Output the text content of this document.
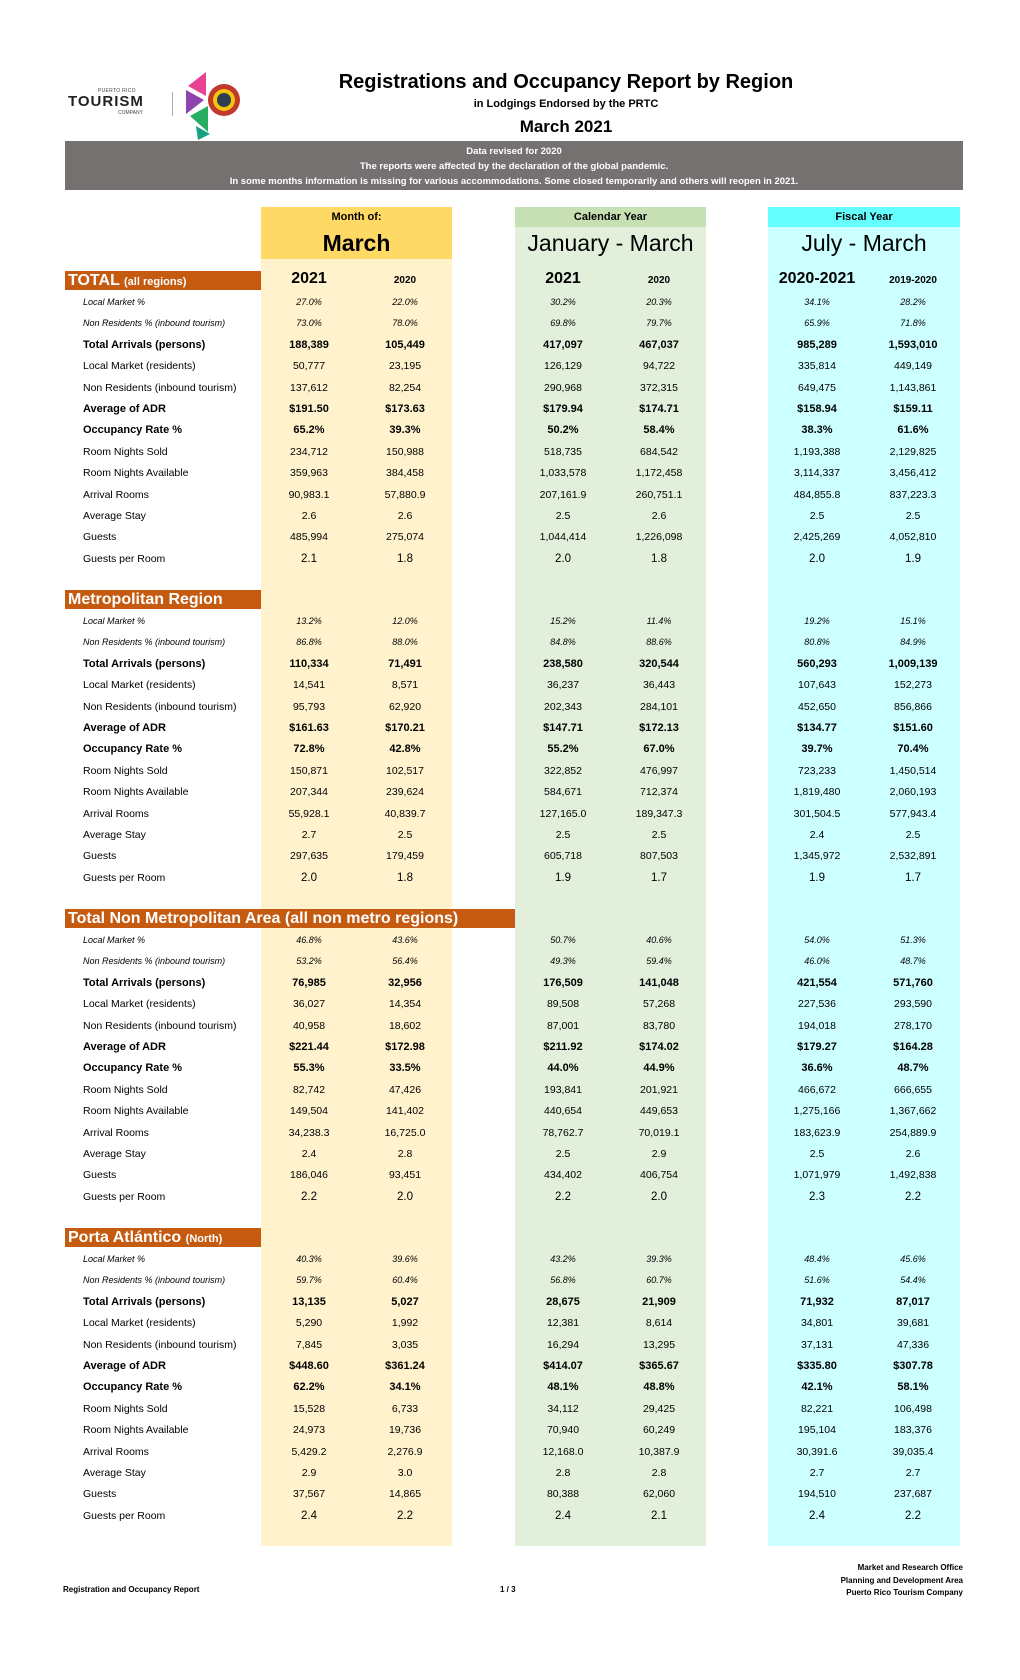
PUERTO RICO
TOURISM
COMPANY
Registrations and Occupancy Report by Region
in Lodgings Endorsed by the PRTC
March 2021
Data revised for 2020
The reports were affected by the declaration of the global pandemic.
In some months information is missing for various accommodations. Some closed temporarily and others will reopen in 2021.
Month of:
March
Calendar Year
January - March
Fiscal Year
July - March
2021	2020	2021	2020	2020-2021	2019-2020
TOTAL (all regions)
Metropolitan Region
Total Non Metropolitan Area (all non metro regions)
Porta Atlántico (North)
Local Market %	27.0%	22.0%	30.2%	20.3%	34.1%	28.2%
Non Residents % (inbound tourism)	73.0%	78.0%	69.8%	79.7%	65.9%	71.8%
Total Arrivals (persons)	188,389	105,449	417,097	467,037	985,289	1,593,010
Local Market (residents)	50,777	23,195	126,129	94,722	335,814	449,149
Non Residents (inbound tourism)	137,612	82,254	290,968	372,315	649,475	1,143,861
Average of ADR	$191.50	$173.63	$179.94	$174.71	$158.94	$159.11
Occupancy Rate %	65.2%	39.3%	50.2%	58.4%	38.3%	61.6%
Room Nights Sold	234,712	150,988	518,735	684,542	1,193,388	2,129,825
Room Nights Available	359,963	384,458	1,033,578	1,172,458	3,114,337	3,456,412
Arrival Rooms	90,983.1	57,880.9	207,161.9	260,751.1	484,855.8	837,223.3
Average Stay	2.6	2.6	2.5	2.6	2.5	2.5
Guests	485,994	275,074	1,044,414	1,226,098	2,425,269	4,052,810
Guests per Room	2.1	1.8	2.0	1.8	2.0	1.9
Local Market %	13.2%	12.0%	15.2%	11.4%	19.2%	15.1%
Non Residents % (inbound tourism)	86.8%	88.0%	84.8%	88.6%	80.8%	84.9%
Total Arrivals (persons)	110,334	71,491	238,580	320,544	560,293	1,009,139
Local Market (residents)	14,541	8,571	36,237	36,443	107,643	152,273
Non Residents (inbound tourism)	95,793	62,920	202,343	284,101	452,650	856,866
Average of ADR	$161.63	$170.21	$147.71	$172.13	$134.77	$151.60
Occupancy Rate %	72.8%	42.8%	55.2%	67.0%	39.7%	70.4%
Room Nights Sold	150,871	102,517	322,852	476,997	723,233	1,450,514
Room Nights Available	207,344	239,624	584,671	712,374	1,819,480	2,060,193
Arrival Rooms	55,928.1	40,839.7	127,165.0	189,347.3	301,504.5	577,943.4
Average Stay	2.7	2.5	2.5	2.5	2.4	2.5
Guests	297,635	179,459	605,718	807,503	1,345,972	2,532,891
Guests per Room	2.0	1.8	1.9	1.7	1.9	1.7
Local Market %	46.8%	43.6%	50.7%	40.6%	54.0%	51.3%
Non Residents % (inbound tourism)	53.2%	56.4%	49.3%	59.4%	46.0%	48.7%
Total Arrivals (persons)	76,985	32,956	176,509	141,048	421,554	571,760
Local Market (residents)	36,027	14,354	89,508	57,268	227,536	293,590
Non Residents (inbound tourism)	40,958	18,602	87,001	83,780	194,018	278,170
Average of ADR	$221.44	$172.98	$211.92	$174.02	$179.27	$164.28
Occupancy Rate %	55.3%	33.5%	44.0%	44.9%	36.6%	48.7%
Room Nights Sold	82,742	47,426	193,841	201,921	466,672	666,655
Room Nights Available	149,504	141,402	440,654	449,653	1,275,166	1,367,662
Arrival Rooms	34,238.3	16,725.0	78,762.7	70,019.1	183,623.9	254,889.9
Average Stay	2.4	2.8	2.5	2.9	2.5	2.6
Guests	186,046	93,451	434,402	406,754	1,071,979	1,492,838
Guests per Room	2.2	2.0	2.2	2.0	2.3	2.2
Local Market %	40.3%	39.6%	43.2%	39.3%	48.4%	45.6%
Non Residents % (inbound tourism)	59.7%	60.4%	56.8%	60.7%	51.6%	54.4%
Total Arrivals (persons)	13,135	5,027	28,675	21,909	71,932	87,017
Local Market (residents)	5,290	1,992	12,381	8,614	34,801	39,681
Non Residents (inbound tourism)	7,845	3,035	16,294	13,295	37,131	47,336
Average of ADR	$448.60	$361.24	$414.07	$365.67	$335.80	$307.78
Occupancy Rate %	62.2%	34.1%	48.1%	48.8%	42.1%	58.1%
Room Nights Sold	15,528	6,733	34,112	29,425	82,221	106,498
Room Nights Available	24,973	19,736	70,940	60,249	195,104	183,376
Arrival Rooms	5,429.2	2,276.9	12,168.0	10,387.9	30,391.6	39,035.4
Average Stay	2.9	3.0	2.8	2.8	2.7	2.7
Guests	37,567	14,865	80,388	62,060	194,510	237,687
Guests per Room	2.4	2.2	2.4	2.1	2.4	2.2
Registration and Occupancy Report	1 / 3
Market and Research Office
Planning and Development Area
Puerto Rico Tourism Company
